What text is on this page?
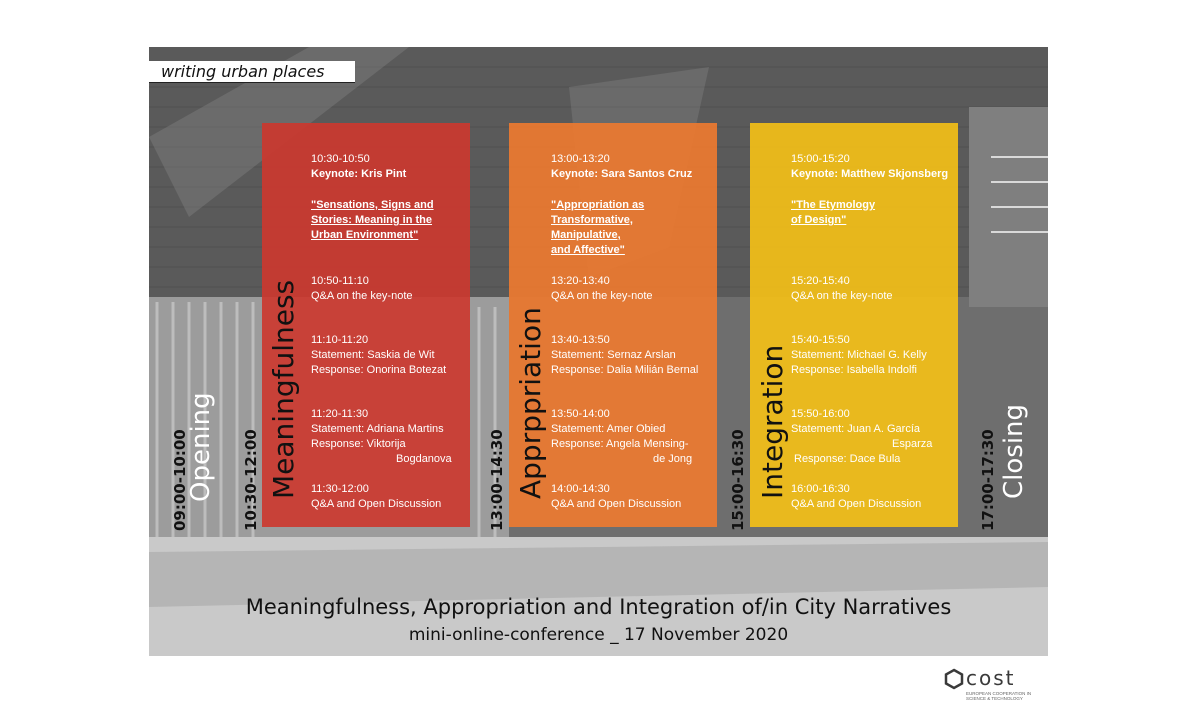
writing urban places
09:00-10:00
Opening 10:30-12:00 Meaningfulness
10:30-10:50
Keynote: Kris Pint
"Sensations, Signs and
Stories: Meaning in the
Urban Environment"
10:50-11:10
Q&A on the key-note
11:10-11:20
Statement: Saskia de Wit
Response: Onorina Botezat
11:20-11:30
Statement: Adriana Martins
Response: Viktorija
Bogdanova
11:30-12:00
Q&A and Open Discussion	13:00-14:30 Apprppriation
13:00-13:20
Keynote: Sara Santos Cruz
"Appropriation as
Transformative,
Manipulative,
and Affective"
13:20-13:40
Q&A on the key-note
13:40-13:50
Statement: Sernaz Arslan
Response: Dalia Milián Bernal
13:50-14:00
Statement: Amer Obied
Response: Angela Mensing-
de Jong
14:00-14:30
Q&A and Open Discussion	15:00-16:30 Integration
15:00-15:20
Keynote: Matthew Skjonsberg
"The Etymology
of Design"
15:20-15:40
Q&A on the key-note
15:40-15:50
Statement: Michael G. Kelly
Response: Isabella Indolfi
15:50-16:00
Statement: Juan A. García
Esparza
Response: Dace Bula
16:00-16:30
Q&A and Open Discussion	17:00-17:30 Closing
Meaningfulness, Appropriation and Integration of/in City Narratives
mini-online-conference _ 17 November 2020
cost
EUROPEAN COOPERATION IN SCIENCE & TECHNOLOGY
